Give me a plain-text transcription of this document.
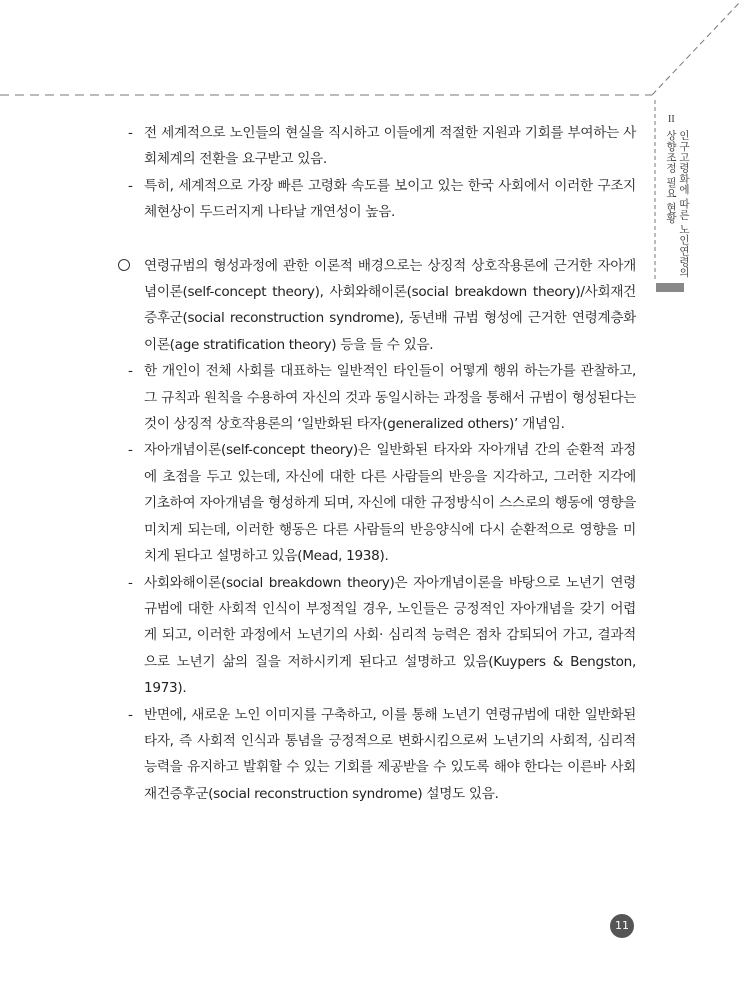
II
인구고령화에 따른 노인연령의
상향조정 필요 현황
- 전 세계적으로 노인들의 현실을 직시하고 이들에게 적절한 지원과 기회를 부여하는 사회체계의 전환을 요구받고 있음.
- 특히, 세계적으로 가장 빠른 고령화 속도를 보이고 있는 한국 사회에서 이러한 구조지체현상이 두드러지게 나타날 개연성이 높음.
연령규범의 형성과정에 관한 이론적 배경으로는 상징적 상호작용론에 근거한 자아개념이론(self-concept theory), 사회와해이론(social breakdown theory)/사회재건증후군(social reconstruction syndrome), 동년배 규범 형성에 근거한 연령계층화이론(age stratification theory) 등을 들 수 있음.
- 한 개인이 전체 사회를 대표하는 일반적인 타인들이 어떻게 행위 하는가를 관찰하고, 그 규칙과 원칙을 수용하여 자신의 것과 동일시하는 과정을 통해서 규범이 형성된다는 것이 상징적 상호작용론의 ‘일반화된 타자(generalized others)’ 개념임.
- 자아개념이론(self-concept theory)은 일반화된 타자와 자아개념 간의 순환적 과정에 초점을 두고 있는데, 자신에 대한 다른 사람들의 반응을 지각하고, 그러한 지각에 기초하여 자아개념을 형성하게 되며, 자신에 대한 규정방식이 스스로의 행동에 영향을 미치게 되는데, 이러한 행동은 다른 사람들의 반응양식에 다시 순환적으로 영향을 미치게 된다고 설명하고 있음(Mead, 1938).
- 사회와해이론(social breakdown theory)은 자아개념이론을 바탕으로 노년기 연령규범에 대한 사회적 인식이 부정적일 경우, 노인들은 긍정적인 자아개념을 갖기 어렵게 되고, 이러한 과정에서 노년기의 사회· 심리적 능력은 점차 감퇴되어 가고, 결과적으로 노년기 삶의 질을 저하시키게 된다고 설명하고 있음(Kuypers & Bengston, 1973).
- 반면에, 새로운 노인 이미지를 구축하고, 이를 통해 노년기 연령규범에 대한 일반화된 타자, 즉 사회적 인식과 통념을 긍정적으로 변화시킴으로써 노년기의 사회적, 심리적 능력을 유지하고 발휘할 수 있는 기회를 제공받을 수 있도록 해야 한다는 이른바 사회재건증후군(social reconstruction syndrome) 설명도 있음.
11
